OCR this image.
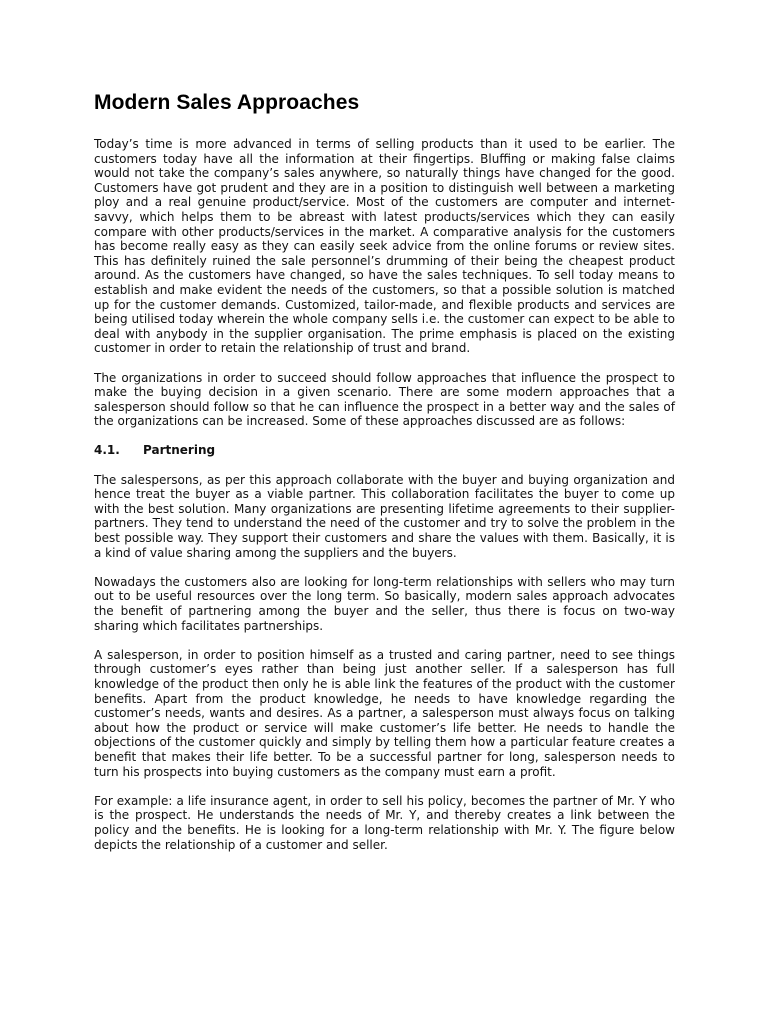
Modern Sales Approaches

Today’s time is more advanced in terms of selling products than it used to be earlier. The customers today have all the information at their fingertips. Bluffing or making false claims would not take the company’s sales anywhere, so naturally things have changed for the good. Customers have got prudent and they are in a position to distinguish well between a marketing ploy and a real genuine product/service. Most of the customers are computer and internet-savvy, which helps them to be abreast with latest products/services which they can easily compare with other products/services in the market. A comparative analysis for the customers has become really easy as they can easily seek advice from the online forums or review sites. This has definitely ruined the sale personnel’s drumming of their being the cheapest product around. As the customers have changed, so have the sales techniques. To sell today means to establish and make evident the needs of the customers, so that a possible solution is matched up for the customer demands. Customized, tailor-made, and flexible products and services are being utilised today wherein the whole company sells i.e. the customer can expect to be able to deal with anybody in the supplier organisation. The prime emphasis is placed on the existing customer in order to retain the relationship of trust and brand.

The organizations in order to succeed should follow approaches that influence the prospect to make the buying decision in a given scenario. There are some modern approaches that a salesperson should follow so that he can influence the prospect in a better way and the sales of the organizations can be increased. Some of these approaches discussed are as follows:

4.1.	Partnering

The salespersons, as per this approach collaborate with the buyer and buying organization and hence treat the buyer as a viable partner. This collaboration facilitates the buyer to come up with the best solution. Many organizations are presenting lifetime agreements to their supplier-partners. They tend to understand the need of the customer and try to solve the problem in the best possible way. They support their customers and share the values with them. Basically, it is a kind of value sharing among the suppliers and the buyers.

Nowadays the customers also are looking for long-term relationships with sellers who may turn out to be useful resources over the long term. So basically, modern sales approach advocates the benefit of partnering among the buyer and the seller, thus there is focus on two-way sharing which facilitates partnerships.

A salesperson, in order to position himself as a trusted and caring partner, need to see things through customer’s eyes rather than being just another seller. If a salesperson has full knowledge of the product then only he is able link the features of the product with the customer benefits. Apart from the product knowledge, he needs to have knowledge regarding the customer’s needs, wants and desires. As a partner, a salesperson must always focus on talking about how the product or service will make customer’s life better. He needs to handle the objections of the customer quickly and simply by telling them how a particular feature creates a benefit that makes their life better. To be a successful partner for long, salesperson needs to turn his prospects into buying customers as the company must earn a profit.

For example: a life insurance agent, in order to sell his policy, becomes the partner of Mr. Y who is the prospect. He understands the needs of Mr. Y, and thereby creates a link between the policy and the benefits. He is looking for a long-term relationship with Mr. Y. The figure below depicts the relationship of a customer and seller.
